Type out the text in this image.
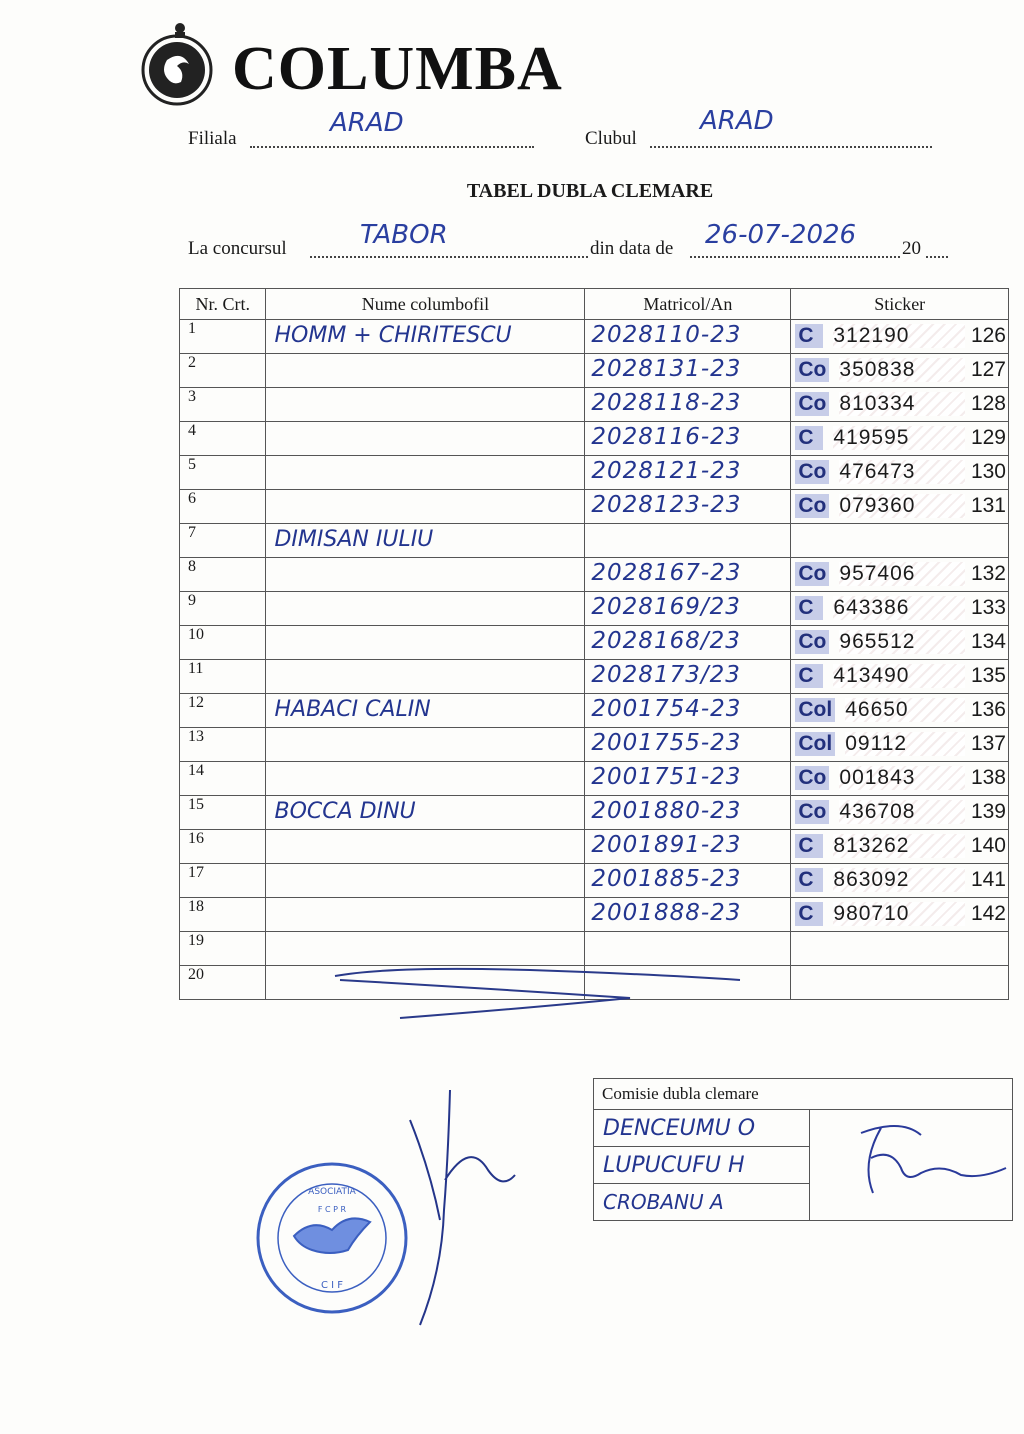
COLUMBA
Filiala
ARAD
Clubul
ARAD
TABEL DUBLA CLEMARE
La concursul	TABOR	din data de 26-07-2026 20
Nr. Crt.	Nume columbofil	Matricol/An	Sticker
1	HOMM + CHIRITESCU	2028110-23	C 312190 126

2		2028131-23	Co 350838 127

3		2028118-23	Co 810334 128

4		2028116-23	C 419595 129

5		2028121-23	Co 476473 130

6		2028123-23	Co 079360 131

7	DIMISAN IULIU		

8		2028167-23	Co 957406 132

9		2028169/23	C 643386 133

10		2028168/23	Co 965512 134

11		2028173/23	C 413490 135

12	HABACI CALIN	2001754-23	Col 46650 136

13		2001755-23	Col 09112 137

14		2001751-23	Co 001843 138

15	BOCCA DINU	2001880-23	Co 436708 139

16		2001891-23	C 813262 140

17		2001885-23	C 863092 141

18		2001888-23	C 980710 142

19	

20	

Comisie dubla clemare
DENCEUMU O	
LUPUCUFU H
CROBANU A
ASOCIATIA
F C P R
C I F
